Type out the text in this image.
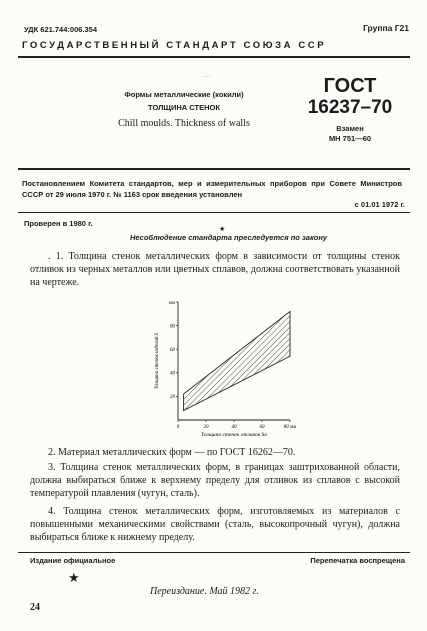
УДК 621.744:006.354	Группа Г21
ГОСУДАРСТВЕННЫЙ СТАНДАРТ СОЮЗА ССР
· ··
Формы металлические (кокили)
ТОЛЩИНА СТЕНОК
Chill moulds. Thickness of walls
ГОСТ
16237–70
Взамен
МН 751—60
Постановлением Комитета стандартов, мер и измерительных приборов при Совете Министров СССР от 29 июля 1970 г. № 1163 срок введения установлен
с 01.01 1972 г.
Проверен в 1980 г.
★
Несоблюдение стандарта преследуется по закону
. 1. Толщина стенок металлических форм в зависимости от толщины стенок отливок из черных металлов или цветных сплавов, должна соответствовать указанной на чертеже.
0	20	40	60	80 мм
20
40
60
80
мм
Толщина стенок изделий S
Толщина стенок отливок Sо
2. Материал металлических форм — по ГОСТ 16262—70.
3. Толщина стенок металлических форм, в границах заштрихованной области, должна выбираться ближе к верхнему пределу для отливок из сплавов с высокой температурой плавления (чугун, сталь).
4. Толщина стенок металлических форм, изготовляемых из материалов с повышенными механическими свойствами (сталь, высокопрочный чугун), должна выбираться ближе к нижнему пределу.
Издание официальное	Перепечатка воспрещена
★
Переиздание. Май 1982 г.
24
